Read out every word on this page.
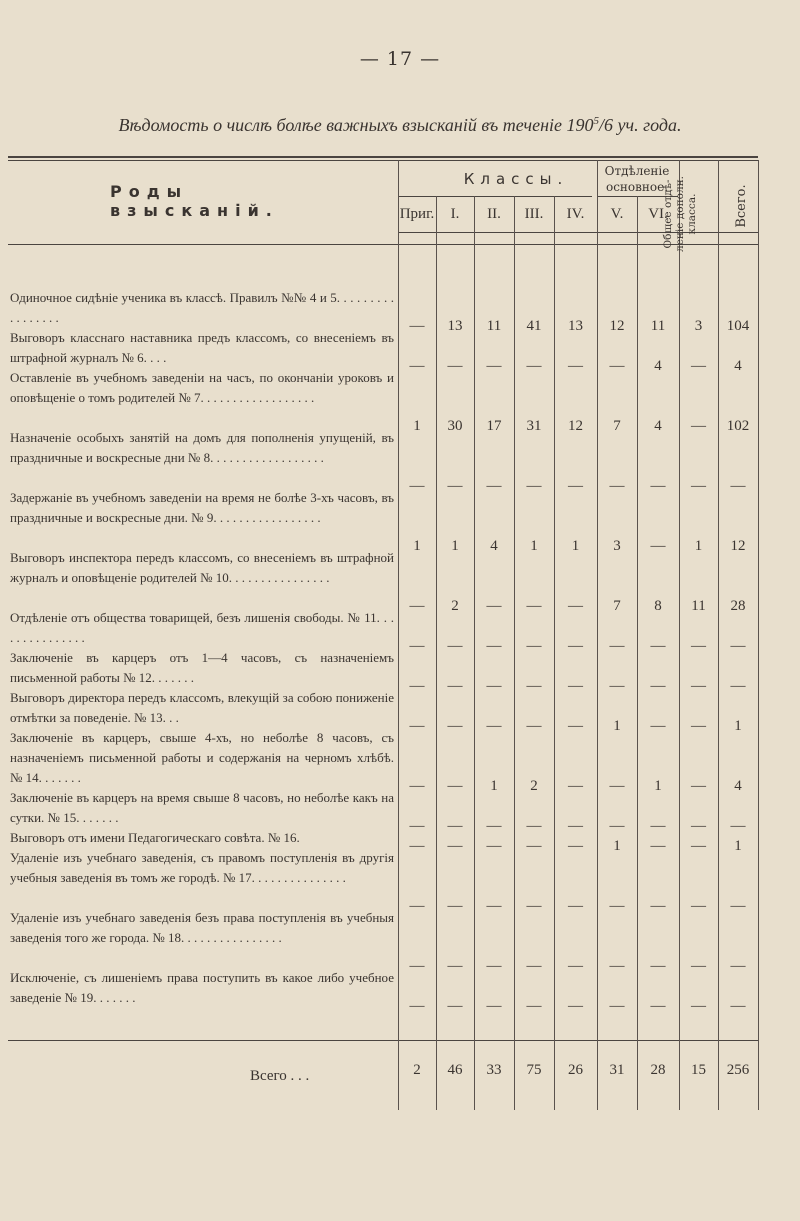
— 17 —
Вѣдомость о числѣ болѣе важныхъ взысканій въ теченіе $190^5/6$ уч. года.
Роды взысканій.
Классы.	Отдѣленіе основное.
Общее отдѣ- леніе дополн. класса.	Всего.
Приг.	I.	II.	III.	IV.	V.	VI.
Одиночное сидѣніе ученика въ классѣ. Правилъ №№ 4 и 5. . . . . . . . . . . . . . . . .
—	13	11	41	13	12	11	3	104
Выговоръ класснаго наставника предъ классомъ, со внесеніемъ въ штрафной журналъ № 6. . . .
—	—	—	—	—	—	4	—	4
Оставленіе въ учебномъ заведеніи на часъ, по окончаніи уроковъ и оповѣщеніе о томъ родителей № 7. . . . . . . . . . . . . . . . . .
1	30	17	31	12	7	4	—	102
Назначеніе особыхъ занятій на домъ для пополненія упущеній, въ праздничные и воскресные дни № 8. . . . . . . . . . . . . . . . . .
—	—	—	—	—	—	—	—	—
Задержаніе въ учебномъ заведеніи на время не болѣе 3-хъ часовъ, въ праздничные и воскресные дни. № 9. . . . . . . . . . . . . . . . .
1	1	4	1	1	3	—	1	12
Выговоръ инспектора передъ классомъ, со внесеніемъ въ штрафной журналъ и оповѣщеніе родителей № 10. . . . . . . . . . . . . . . .
—	2	—	—	—	7	8	11	28
Отдѣленіе отъ общества товарищей, безъ лишенія свободы. № 11. . . . . . . . . . . . . . .
—	—	—	—	—	—	—	—	—
Заключеніе въ карцеръ отъ 1—4 часовъ, съ назначеніемъ письменной работы № 12. . . . . . .
—	—	—	—	—	—	—	—	—
Выговоръ директора передъ классомъ, влекущій за собою пониженіе отмѣтки за поведеніе. № 13. . .
—	—	—	—	—	1	—	—	1
Заключеніе въ карцеръ, свыше 4-хъ, но неболѣе 8 часовъ, съ назначеніемъ письменной работы и содержанія на черномъ хлѣбѣ. № 14. . . . . . .
—	—	1	2	—	—	1	—	4
Заключеніе въ карцеръ на время свыше 8 часовъ, но неболѣе какъ на сутки. № 15. . . . . . .
—	—	—	—	—	—	—	—	—
Выговоръ отъ имени Педагогическаго совѣта. № 16.
—	—	—	—	—	1	—	—	1
Удаленіе изъ учебнаго заведенія, съ правомъ поступленія въ другія учебныя заведенія въ томъ же городѣ. № 17. . . . . . . . . . . . . . .
—	—	—	—	—	—	—	—	—
Удаленіе изъ учебнаго заведенія безъ права поступленія въ учебныя заведенія того же города. № 18. . . . . . . . . . . . . . . .
—	—	—	—	—	—	—	—	—
Исключеніе, съ лишеніемъ права поступить въ какое либо учебное заведеніе № 19. . . . . . .
—	—	—	—	—	—	—	—	—
Всего . . .	2	46	33	75	26	31	28	15	256
